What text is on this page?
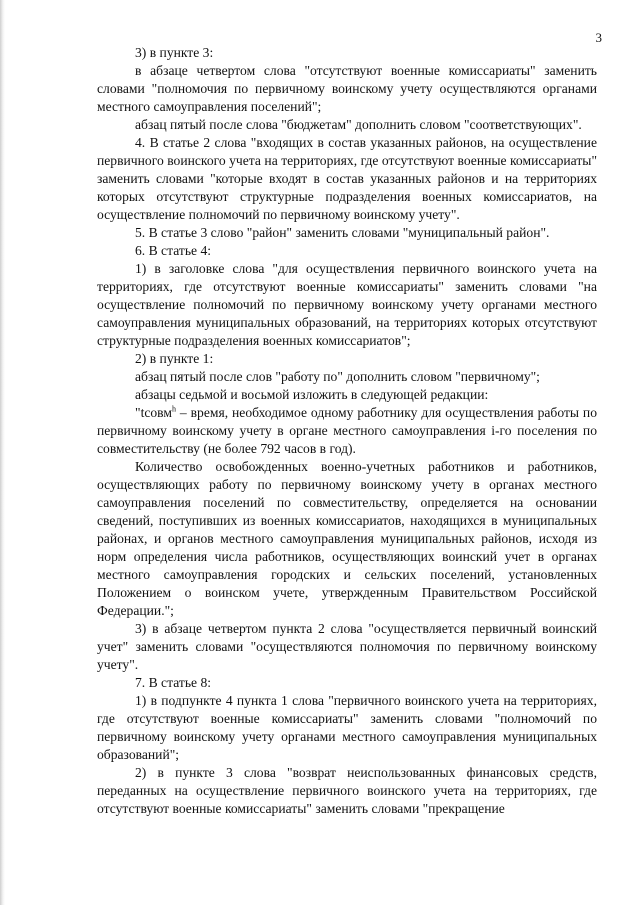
3

3) в пункте 3:

в абзаце четвертом слова "отсутствуют военные комиссариаты" заменить словами "полномочия по первичному воинскому учету осуществляются органами местного самоуправления поселений";

абзац пятый после слова "бюджетам" дополнить словом "соответствующих".

4. В статье 2 слова "входящих в состав указанных районов, на осуществление первичного воинского учета на территориях, где отсутствуют военные комиссариаты" заменить словами "которые входят в состав указанных районов и на территориях которых отсутствуют структурные подразделения военных комиссариатов, на осуществление полномочий по первичному воинскому учету".

5. В статье 3 слово "район" заменить словами "муниципальный район".

6. В статье 4:

1) в заголовке слова "для осуществления первичного воинского учета на территориях, где отсутствуют военные комиссариаты" заменить словами "на осуществление полномочий по первичному воинскому учету органами местного самоуправления муниципальных образований, на территориях которых отсутствуют структурные подразделения военных комиссариатов";

2) в пункте 1:

абзац пятый после слов "работу по" дополнить словом "первичному";

абзацы седьмой и восьмой изложить в следующей редакции:

"tсовм$^h$ – время, необходимое одному работнику для осуществления работы по первичному воинскому учету в органе местного самоуправления i-го поселения по совместительству (не более 792 часов в год).

Количество освобожденных военно-учетных работников и работников, осуществляющих работу по первичному воинскому учету в органах местного самоуправления поселений по совместительству, определяется на основании сведений, поступивших из военных комиссариатов, находящихся в муниципальных районах, и органов местного самоуправления муниципальных районов, исходя из норм определения числа работников, осуществляющих воинский учет в органах местного самоуправления городских и сельских поселений, установленных Положением о воинском учете, утвержденным Правительством Российской Федерации.";

3) в абзаце четвертом пункта 2 слова "осуществляется первичный воинский учет" заменить словами "осуществляются полномочия по первичному воинскому учету".

7. В статье 8:

1) в подпункте 4 пункта 1 слова "первичного воинского учета на территориях, где отсутствуют военные комиссариаты" заменить словами "полномочий по первичному воинскому учету органами местного самоуправления муниципальных образований";

2) в пункте 3 слова "возврат неиспользованных финансовых средств, переданных на осуществление первичного воинского учета на территориях, где отсутствуют военные комиссариаты" заменить словами "прекращение
